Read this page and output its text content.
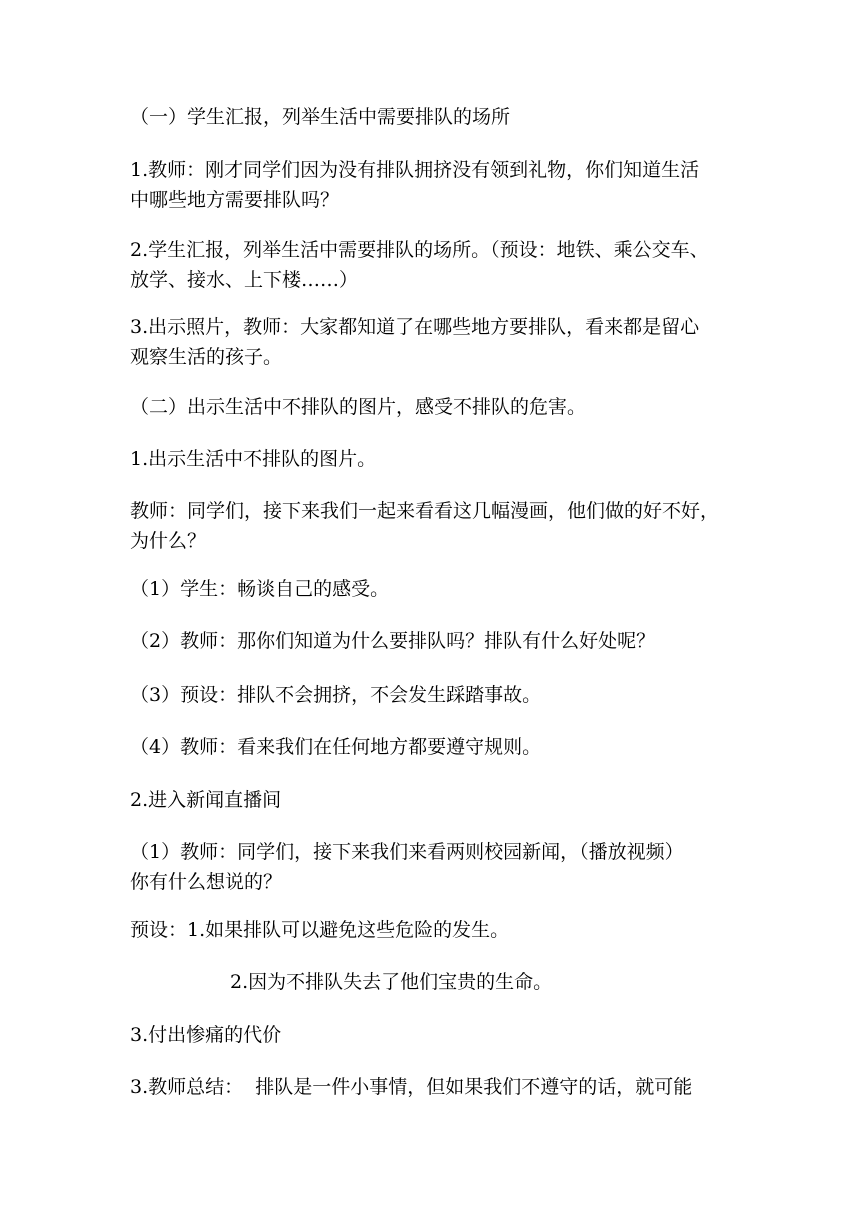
（一）学生汇报，列举生活中需要排队的场所

1.教师：刚才同学们因为没有排队拥挤没有领到礼物，你们知道生活
中哪些地方需要排队吗？

2.学生汇报，列举生活中需要排队的场所。（预设：地铁、乘公交车、
放学、接水、上下楼……）

3.出示照片，教师：大家都知道了在哪些地方要排队，看来都是留心
观察生活的孩子。

（二）出示生活中不排队的图片，感受不排队的危害。

1.出示生活中不排队的图片。

教师：同学们，接下来我们一起来看看这几幅漫画，他们做的好不好，
为什么？

（1）学生：畅谈自己的感受。

（2）教师：那你们知道为什么要排队吗？排队有什么好处呢？

（3）预设：排队不会拥挤，不会发生踩踏事故。

（4）教师：看来我们在任何地方都要遵守规则。

2.进入新闻直播间

（1）教师：同学们，接下来我们来看两则校园新闻，（播放视频）
你有什么想说的？

预设：1.如果排队可以避免这些危险的发生。

2.因为不排队失去了他们宝贵的生命。

3.付出惨痛的代价

3.教师总结：  排队是一件小事情，但如果我们不遵守的话，就可能
